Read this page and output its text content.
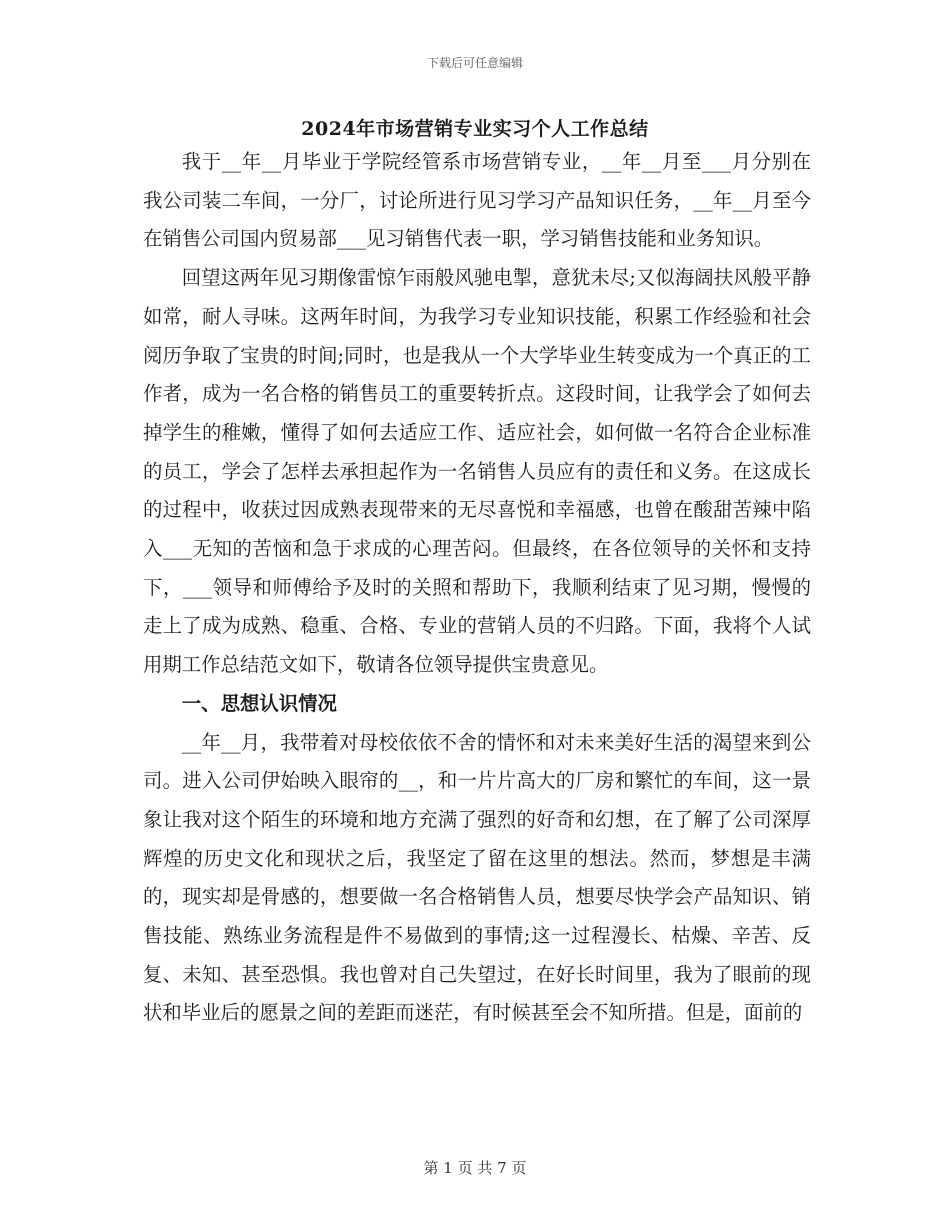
下载后可任意编辑
2024年市场营销专业实习个人工作总结

我于__年__月毕业于学院经管系市场营销专业，__年__月至___月分别在我公司装二车间，一分厂，讨论所进行见习学习产品知识任务，__年__月至今在销售公司国内贸易部___见习销售代表一职，学习销售技能和业务知识。

回望这两年见习期像雷惊乍雨般风驰电掣，意犹未尽;又似海阔扶风般平静如常，耐人寻味。这两年时间，为我学习专业知识技能，积累工作经验和社会阅历争取了宝贵的时间;同时，也是我从一个大学毕业生转变成为一个真正的工作者，成为一名合格的销售员工的重要转折点。这段时间，让我学会了如何去掉学生的稚嫩，懂得了如何去适应工作、适应社会，如何做一名符合企业标准的员工，学会了怎样去承担起作为一名销售人员应有的责任和义务。在这成长的过程中，收获过因成熟表现带来的无尽喜悦和幸福感，也曾在酸甜苦辣中陷入___无知的苦恼和急于求成的心理苦闷。但最终，在各位领导的关怀和支持下，___领导和师傅给予及时的关照和帮助下，我顺利结束了见习期，慢慢的走上了成为成熟、稳重、合格、专业的营销人员的不归路。下面，我将个人试用期工作总结范文如下，敬请各位领导提供宝贵意见。

一、思想认识情况

__年__月，我带着对母校依依不舍的情怀和对未来美好生活的渴望来到公司。进入公司伊始映入眼帘的__，和一片片高大的厂房和繁忙的车间，这一景象让我对这个陌生的环境和地方充满了强烈的好奇和幻想，在了解了公司深厚辉煌的历史文化和现状之后，我坚定了留在这里的想法。然而，梦想是丰满的，现实却是骨感的，想要做一名合格销售人员，想要尽快学会产品知识、销售技能、熟练业务流程是件不易做到的事情;这一过程漫长、枯燥、辛苦、反复、未知、甚至恐惧。我也曾对自己失望过，在好长时间里，我为了眼前的现状和毕业后的愿景之间的差距而迷茫，有时候甚至会不知所措。但是，面前的

第 1 页 共 7 页
